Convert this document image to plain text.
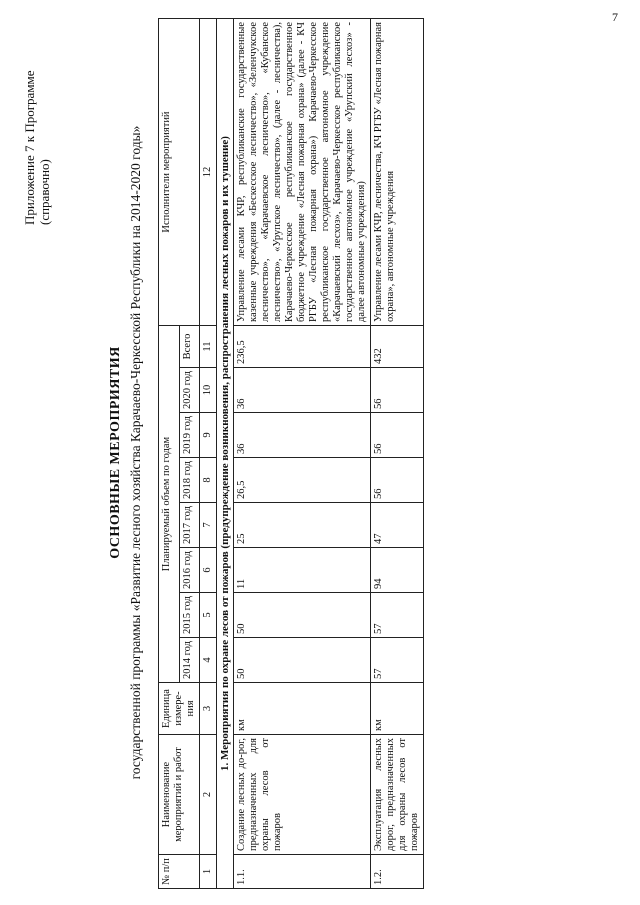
7
Приложение 7 к Программе (справочно)
ОСНОВНЫЕ МЕРОПРИЯТИЯ государственной программы «Развитие лесного хозяйства Карачаево-Черкесской Республики на 2014-2020 годы»
№ п/п	Наименование мероприятий и работ	Единица измере-ния	Планируемый объем по годам								Исполнители мероприятий
			2014 год	2015 год	2016 год	2017 год	2018 год	2019 год	2020 год	Всего	
1	2	3	4	5	6	7	8	9	10	11	12
1. Мероприятия по охране лесов от пожаров (предупреждение возникновения, распространения лесных пожаров и их тушение)											
1.1.	Создание лесных до-рог, предназначенных для охраны лесов от пожаров	км	50	50	11	25	26,5	36	36	236,5	Управление лесами КЧР, республиканские государственные казенные учреждения «Бескесское лесничество», «Зеленчукское лесничество», «Карачаевское лесничество», «Кубанское лесничество», «Урупское лесничество», (далее - лесничества), Карачаево-Черкесское республиканское государственное бюджетное учреждение «Лесная пожарная охрана» (далее - КЧ РГБУ «Лесная пожарная охрана») Карачаево-Черкесское республиканское государственное автономное учреждение «Карачаевский лесхоз», Карачаево-Черкесское республиканское государственное автономное учреждение «Урупский лесхоз» - далее автономные учреждения)
1.2.	Эксплуатация лесных дорог, предназначенных для охраны лесов от пожаров	км	57	57	94	47	56	56	56	432	Управление лесами КЧР, лесничества, КЧ РГБУ «Лесная пожарная охрана», автономные учреждения
